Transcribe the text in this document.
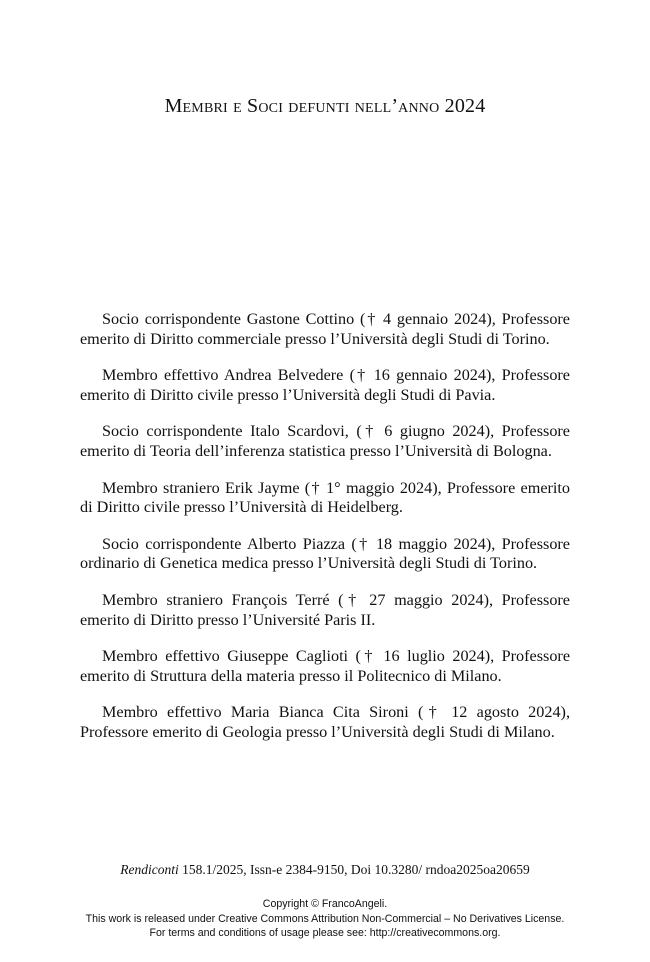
Membri e Soci defunti nell’anno 2024

Socio corrispondente Gastone Cottino († 4 gennaio 2024), Professore emerito di Diritto commerciale presso l’Università degli Studi di Torino.

Membro effettivo Andrea Belvedere († 16 gennaio 2024), Professore emerito di Diritto civile presso l’Università degli Studi di Pavia.

Socio corrispondente Italo Scardovi, († 6 giugno 2024), Professore emerito di Teoria dell’inferenza statistica presso l’Università di Bologna.

Membro straniero Erik Jayme († 1° maggio 2024), Professore emerito di Diritto civile presso l’Università di Heidelberg.

Socio corrispondente Alberto Piazza († 18 maggio 2024), Professore ordinario di Genetica medica presso l’Università degli Studi di Torino.

Membro straniero François Terré († 27 maggio 2024), Professore emerito di Diritto presso l’Université Paris II.

Membro effettivo Giuseppe Caglioti († 16 luglio 2024), Professore emerito di Struttura della materia presso il Politecnico di Milano.

Membro effettivo Maria Bianca Cita Sironi († 12 agosto 2024), Professore emerito di Geologia presso l’Università degli Studi di Milano.

Rendiconti 158.1/2025, Issn-e 2384-9150, Doi 10.3280/ rndoa2025oa20659
Copyright © FrancoAngeli.
This work is released under Creative Commons Attribution Non-Commercial – No Derivatives License.
For terms and conditions of usage please see: http://creativecommons.org.
